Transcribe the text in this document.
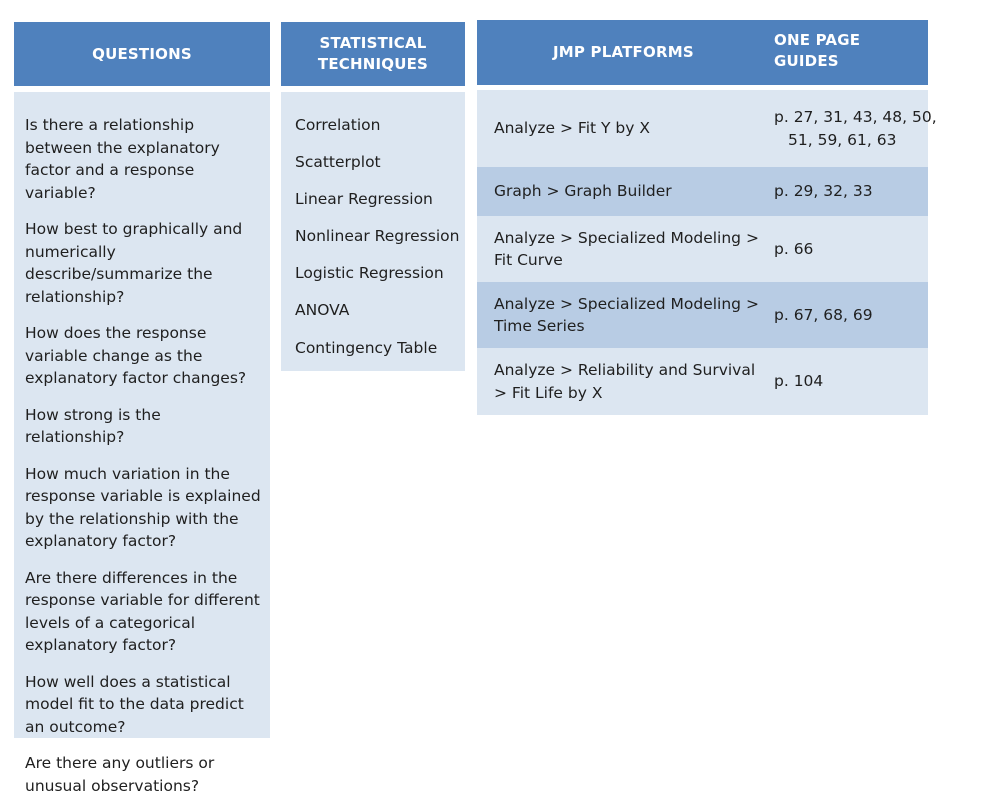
QUESTIONS
Is there a relationship between the explanatory factor and a response variable?
How best to graphically and numerically describe/summarize the relationship?
How does the response variable change as the explanatory factor changes?
How strong is the relationship?
How much variation in the response variable is explained by the relationship with the explanatory factor?
Are there differences in the response variable for different levels of a categorical explanatory factor?
How well does a statistical model fit to the data predict an outcome?
Are there any outliers or unusual observations?
STATISTICAL
TECHNIQUES
Correlation
Scatterplot
Linear Regression
Nonlinear Regression
Logistic Regression
ANOVA
Contingency Table
JMP PLATFORMS
ONE PAGE
GUIDES
Analyze > Fit Y by X
p. 27, 31, 43, 48, 50, 51, 59, 61, 63
Graph > Graph Builder	p. 29, 32, 33
Analyze > Specialized Modeling > Fit Curve
p. 66
Analyze > Specialized Modeling > Time Series
p. 67, 68, 69
Analyze > Reliability and Survival > Fit Life by X
p. 104
